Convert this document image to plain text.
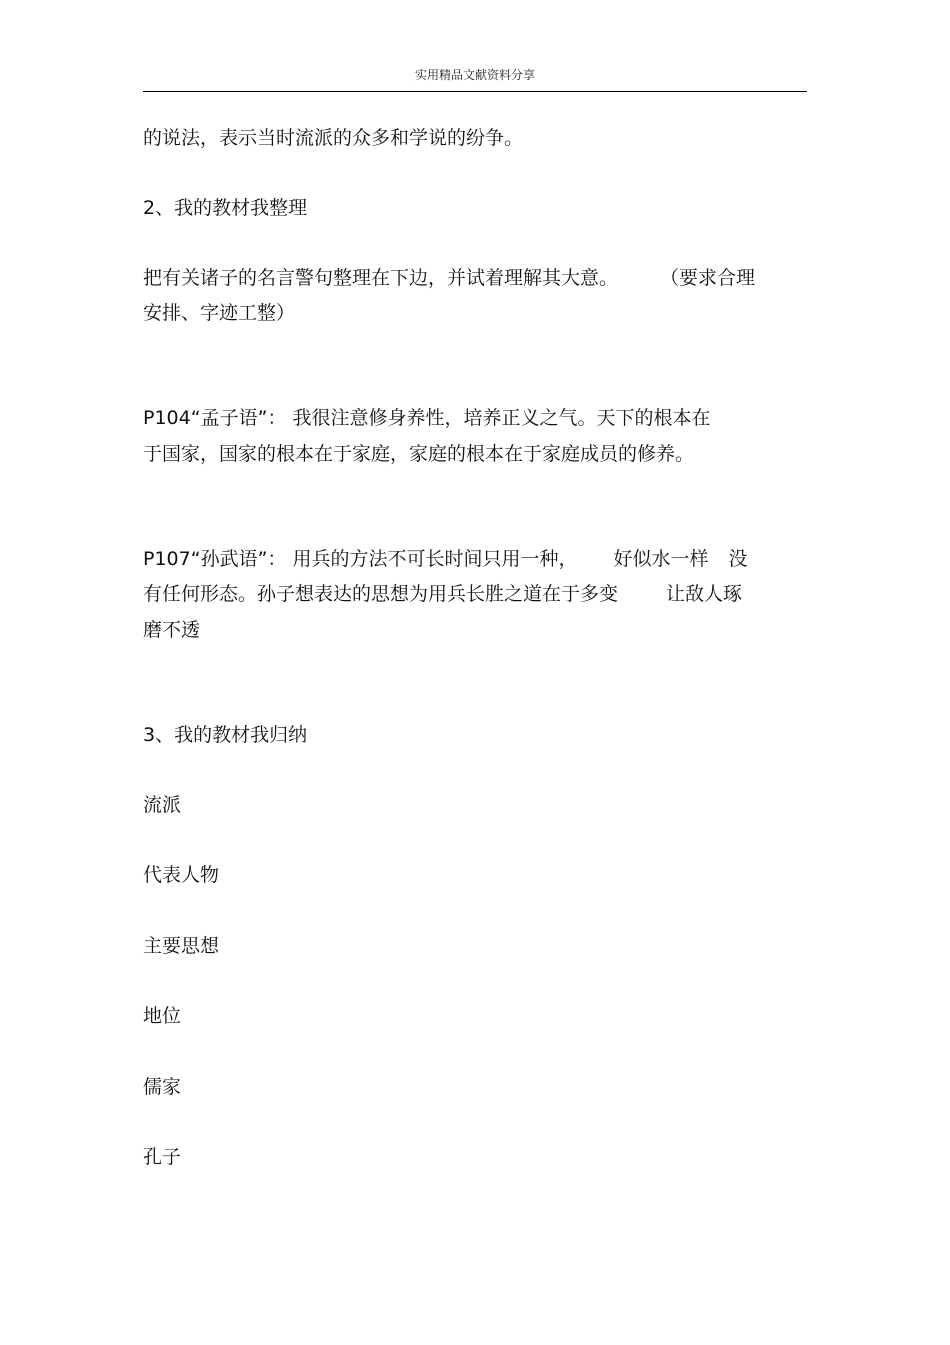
实用精品文献资料分享
的说法，表示当时流派的众多和学说的纷争。
2、我的教材我整理
把有关诸子的名言警句整理在下边，并试着理解其大意。 （要求合理
安排、字迹工整）
P104“孟子语”： 我很注意修身养性，培养正义之气。天下的根本在
于国家，国家的根本在于家庭，家庭的根本在于家庭成员的修养。
P107“孙武语”： 用兵的方法不可长时间只用一种， 好似水一样 没
有任何形态。孙子想表达的思想为用兵长胜之道在于多变	让敌人琢
磨不透
3、我的教材我归纳
流派
代表人物
主要思想
地位
儒家
孔子
